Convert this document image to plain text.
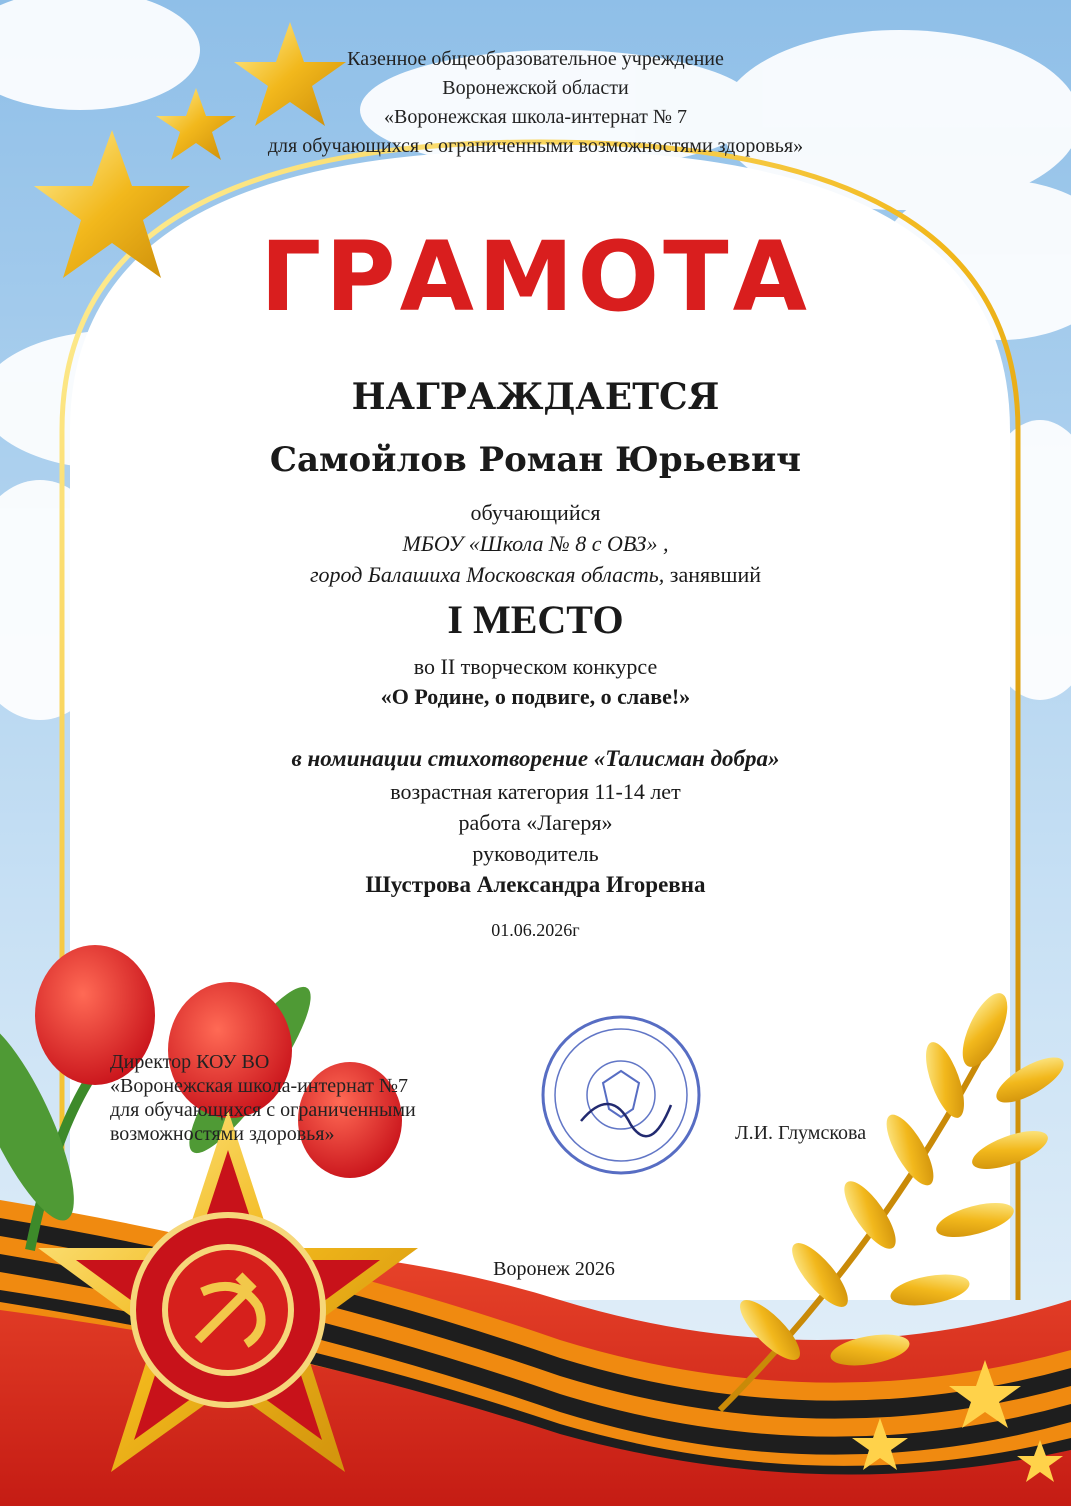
Казенное общеобразовательное учреждение
Воронежской области
«Воронежская школа-интернат № 7
для обучающихся с ограниченными возможностями здоровья»
ГРАМОТА
НАГРАЖДАЕТСЯ
Самойлов Роман Юрьевич
обучающийся
МБОУ «Школа № 8 с ОВЗ» ,
город Балашиха Московская область, занявший
I МЕСТО
во II творческом конкурсе
«О Родине, о подвиге, о славе!»
в номинации стихотворение «Талисман добра»
возрастная категория 11-14 лет
работа «Лагеря»
руководитель
Шустрова Александра Игоревна
01.06.2026г
Директор КОУ ВО
«Воронежская школа-интернат №7
для обучающихся с ограниченными
возможностями здоровья»	Л.И. Глумскова
Воронеж 2026
